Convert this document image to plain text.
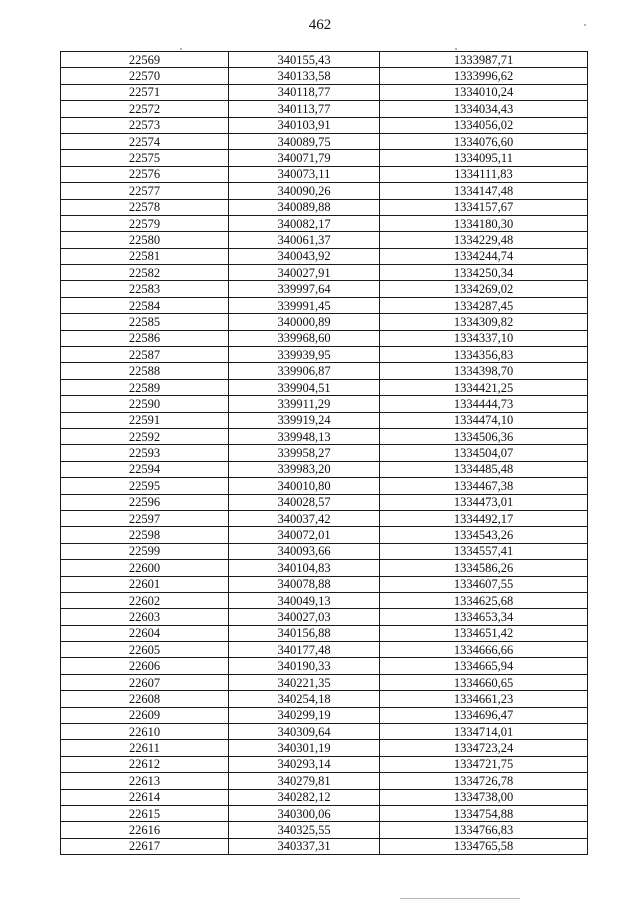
462
22569	340155,43	1333987,71
22570	340133,58	1333996,62
22571	340118,77	1334010,24
22572	340113,77	1334034,43
22573	340103,91	1334056,02
22574	340089,75	1334076,60
22575	340071,79	1334095,11
22576	340073,11	1334111,83
22577	340090,26	1334147,48
22578	340089,88	1334157,67
22579	340082,17	1334180,30
22580	340061,37	1334229,48
22581	340043,92	1334244,74
22582	340027,91	1334250,34
22583	339997,64	1334269,02
22584	339991,45	1334287,45
22585	340000,89	1334309,82
22586	339968,60	1334337,10
22587	339939,95	1334356,83
22588	339906,87	1334398,70
22589	339904,51	1334421,25
22590	339911,29	1334444,73
22591	339919,24	1334474,10
22592	339948,13	1334506,36
22593	339958,27	1334504,07
22594	339983,20	1334485,48
22595	340010,80	1334467,38
22596	340028,57	1334473,01
22597	340037,42	1334492,17
22598	340072,01	1334543,26
22599	340093,66	1334557,41
22600	340104,83	1334586,26
22601	340078,88	1334607,55
22602	340049,13	1334625,68
22603	340027,03	1334653,34
22604	340156,88	1334651,42
22605	340177,48	1334666,66
22606	340190,33	1334665,94
22607	340221,35	1334660,65
22608	340254,18	1334661,23
22609	340299,19	1334696,47
22610	340309,64	1334714,01
22611	340301,19	1334723,24
22612	340293,14	1334721,75
22613	340279,81	1334726,78
22614	340282,12	1334738,00
22615	340300,06	1334754,88
22616	340325,55	1334766,83
22617	340337,31	1334765,58
